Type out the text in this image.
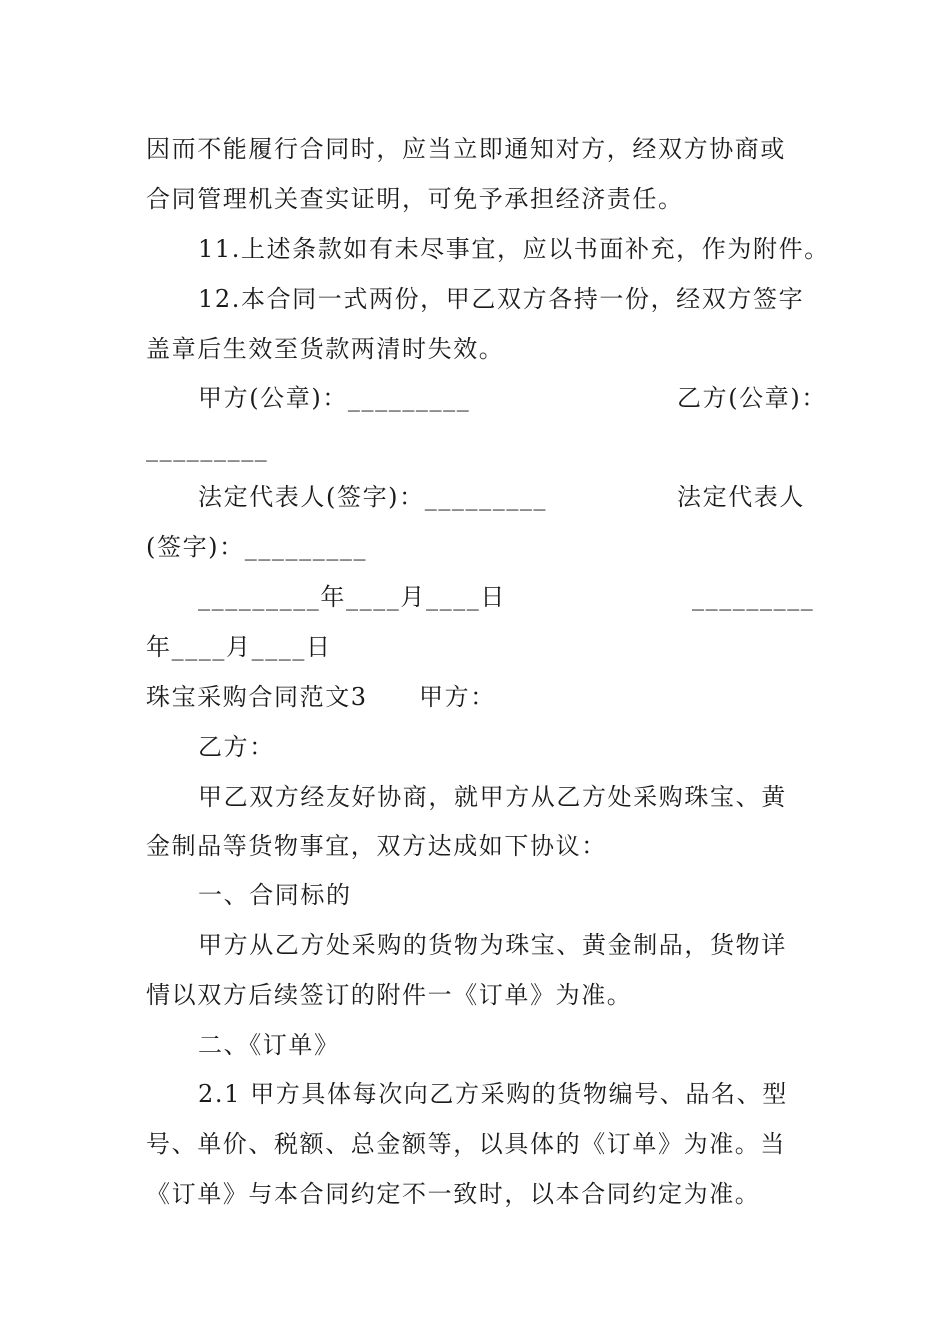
因而不能履行合同时，应当立即通知对方，经双方协商或
合同管理机关查实证明，可免予承担经济责任。
11.上述条款如有未尽事宜，应以书面补充，作为附件。
12.本合同一式两份，甲乙双方各持一份，经双方签字
盖章后生效至货款两清时失效。
甲方(公章)：_________	乙方(公章)：
_________
法定代表人(签字)：_________	法定代表人
(签字)：_________
_________年____月____日	_________
年____月____日
珠宝采购合同范文3	甲方：
乙方：
甲乙双方经友好协商，就甲方从乙方处采购珠宝、黄
金制品等货物事宜，双方达成如下协议：
一、合同标的
甲方从乙方处采购的货物为珠宝、黄金制品，货物详
情以双方后续签订的附件一《订单》为准。
二、《订单》
2.1 甲方具体每次向乙方采购的货物编号、品名、型
号、单价、税额、总金额等，以具体的《订单》为准。当
《订单》与本合同约定不一致时，以本合同约定为准。
